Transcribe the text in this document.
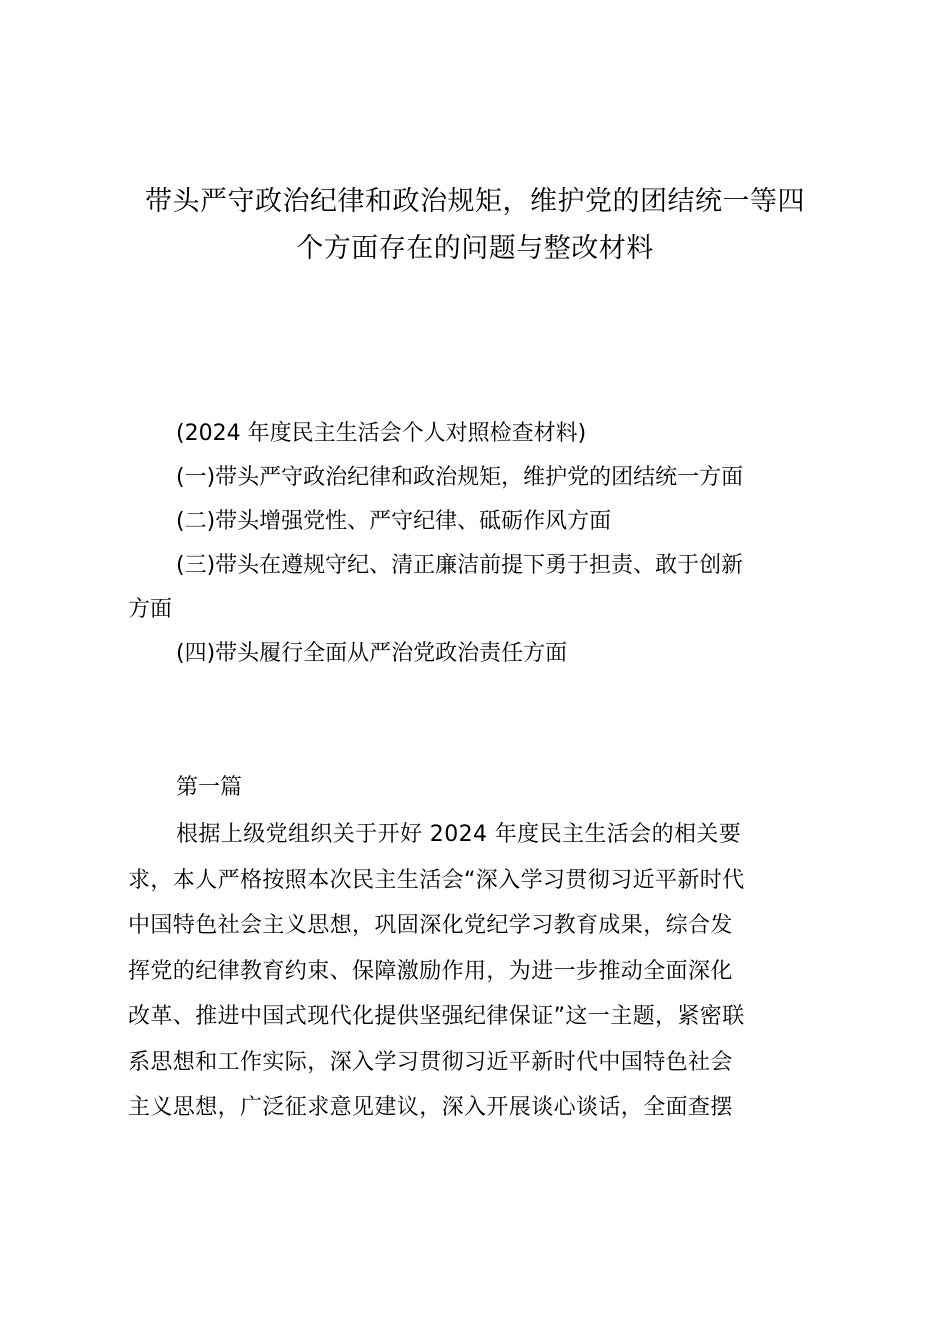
带头严守政治纪律和政治规矩，维护党的团结统一等四
个方面存在的问题与整改材料
(2024 年度民主生活会个人对照检查材料)
(一)带头严守政治纪律和政治规矩，维护党的团结统一方面
(二)带头增强党性、严守纪律、砥砺作风方面
(三)带头在遵规守纪、清正廉洁前提下勇于担责、敢于创新
方面
(四)带头履行全面从严治党政治责任方面
第一篇
根据上级党组织关于开好 2024 年度民主生活会的相关要
求，本人严格按照本次民主生活会“深入学习贯彻习近平新时代
中国特色社会主义思想，巩固深化党纪学习教育成果，综合发
挥党的纪律教育约束、保障激励作用，为进一步推动全面深化
改革、推进中国式现代化提供坚强纪律保证”这一主题，紧密联
系思想和工作实际，深入学习贯彻习近平新时代中国特色社会
主义思想，广泛征求意见建议，深入开展谈心谈话，全面查摆
